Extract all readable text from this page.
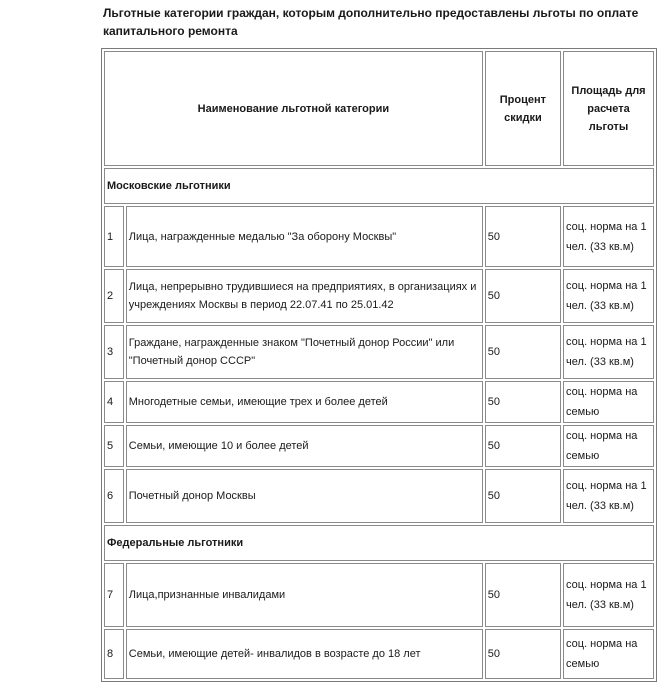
Льготные категории граждан, которым дополнительно предоставлены льготы по оплате капитального ремонта
Наименование льготной категории		Процент скидки	Площадь для расчета льготы
Московские льготники			
1	Лица, награжденные медалью "За оборону Москвы"	50	соц. норма на 1 чел. (33 кв.м)
2	Лица, непрерывно трудившиеся на предприятиях, в организациях и учреждениях Москвы в период 22.07.41 по 25.01.42	50	соц. норма на 1 чел. (33 кв.м)
3	Граждане, награжденные знаком "Почетный донор России" или "Почетный донор СССР"	50	соц. норма на 1 чел. (33 кв.м)
4	Многодетные семьи, имеющие трех и более детей	50	соц. норма на семью
5	Семьи, имеющие 10 и более детей	50	соц. норма на семью
6	Почетный донор Москвы	50	соц. норма на 1 чел. (33 кв.м)
Федеральные льготники			
7	Лица,признанные инвалидами	50	соц. норма на 1 чел. (33 кв.м)
8	Семьи, имеющие детей- инвалидов в возрасте до 18 лет	50	соц. норма на семью
